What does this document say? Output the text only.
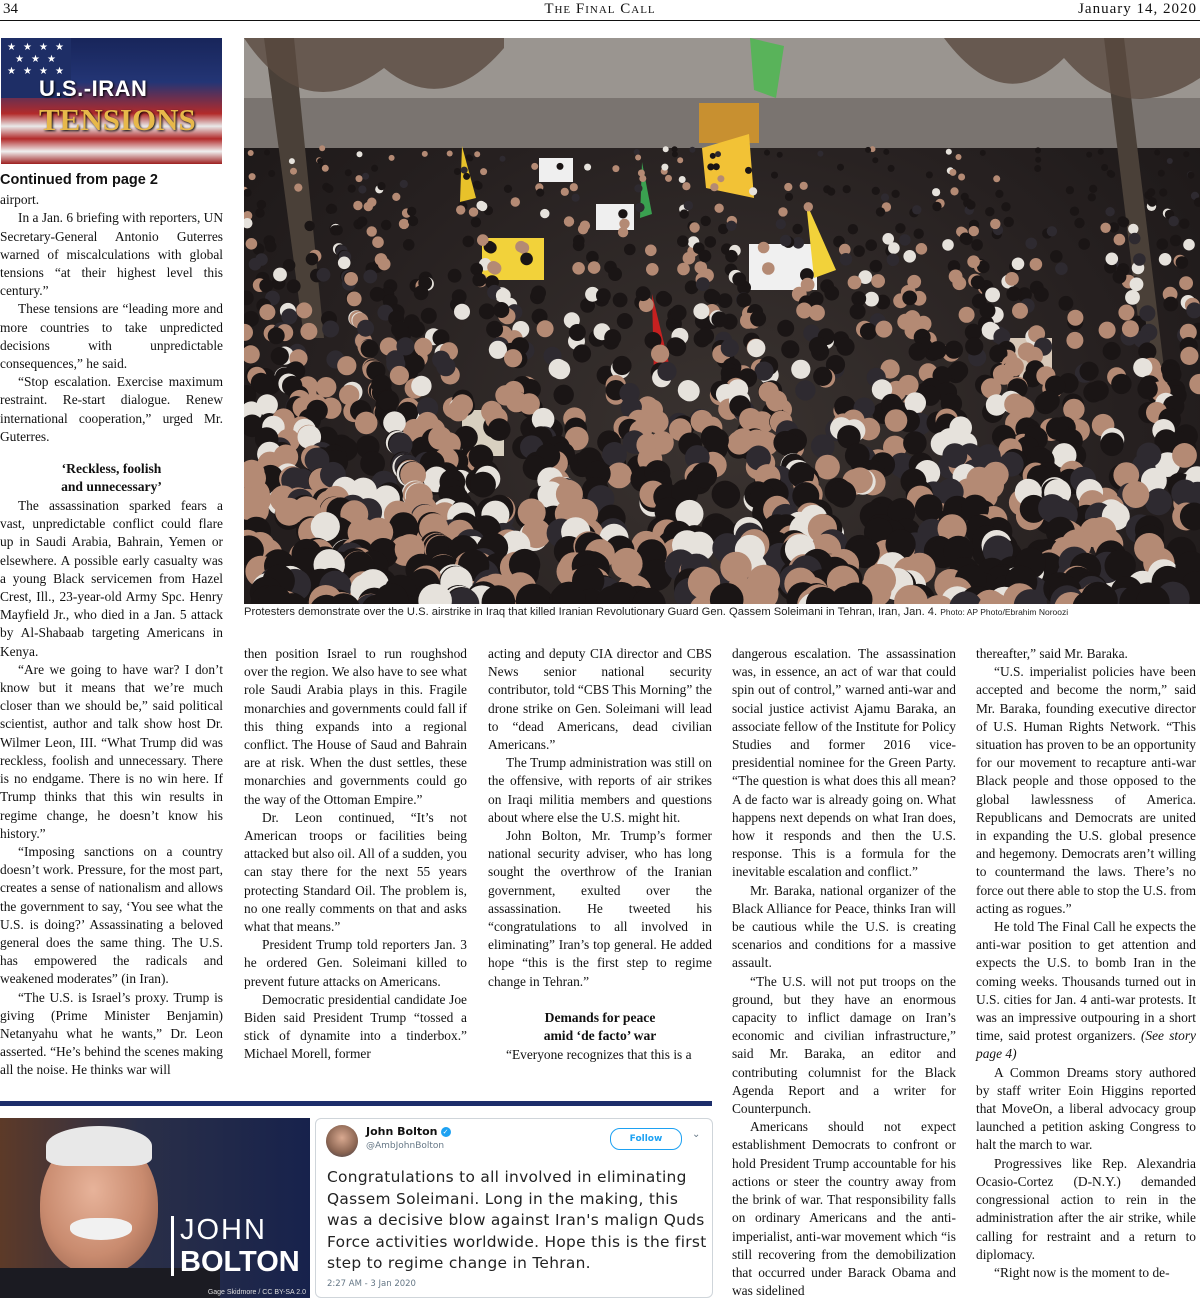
34	The Final Call	January 14, 2020
★ ★ ★ ★
★ ★ ★
★ ★ ★ ★
U.S.-IRAN
TENSIONS
Protesters demonstrate over the U.S. airstrike in Iraq that killed Iranian Revolutionary Guard Gen. Qassem Soleimani in Tehran, Iran, Jan. 4. Photo: AP Photo/Ebrahim Noroozi
Continued from page 2

airport.

In a Jan. 6 briefing with reporters, UN Secretary-General Antonio Guterres warned of miscalculations with global tensions “at their highest level this century.”

These tensions are “leading more and more countries to take unpredicted decisions with unpredictable consequences,” he said.

“Stop escalation. Exercise maximum restraint. Re-start dialogue. Renew international cooperation,” urged Mr. Guterres.

‘Reckless, foolish
and unnecessary’

The assassination sparked fears a vast, unpredictable conflict could flare up in Saudi Arabia, Bahrain, Yemen or elsewhere. A possible early casualty was a young Black servicemen from Hazel Crest, Ill., 23-year-old Army Spc. Henry Mayfield Jr., who died in a Jan. 5 attack by Al-Shabaab targeting Americans in Kenya.

“Are we going to have war? I don’t know but it means that we’re much closer than we should be,” said political scientist, author and talk show host Dr. Wilmer Leon, III. “What Trump did was reckless, foolish and unnecessary. There is no endgame. There is no win here. If Trump thinks that this win results in regime change, he doesn’t know his history.”

“Imposing sanctions on a country doesn’t work. Pressure, for the most part, creates a sense of nationalism and allows the government to say, ‘You see what the U.S. is doing?’ Assassinating a beloved general does the same thing. The U.S. has empowered the radicals and weakened moderates” (in Iran).

“The U.S. is Israel’s proxy. Trump is giving (Prime Minister Benjamin) Netanyahu what he wants,” Dr. Leon asserted. “He’s behind the scenes making all the noise. He thinks war will

then position Israel to run roughshod over the region. We also have to see what role Saudi Arabia plays in this. Fragile monarchies and governments could fall if this thing expands into a regional conflict. The House of Saud and Bahrain are at risk. When the dust settles, these monarchies and governments could go the way of the Ottoman Empire.”

Dr. Leon continued, “It’s not American troops or facilities being attacked but also oil. All of a sudden, you can stay there for the next 55 years protecting Standard Oil. The problem is, no one really comments on that and asks what that means.”

President Trump told reporters Jan. 3 he ordered Gen. Soleimani killed to prevent future attacks on Americans.

Democratic presidential candidate Joe Biden said President Trump “tossed a stick of dynamite into a tinderbox.” Michael Morell, former

acting and deputy CIA director and CBS News senior national security contributor, told “CBS This Morning” the drone strike on Gen. Soleimani will lead to “dead Americans, dead civilian Americans.”

The Trump administration was still on the offensive, with reports of air strikes on Iraqi militia members and questions about where else the U.S. might hit.

John Bolton, Mr. Trump’s former national security adviser, who has long sought the overthrow of the Iranian government, exulted over the assassination. He tweeted his “congratulations to all involved in eliminating” Iran’s top general. He added hope “this is the first step to regime change in Tehran.”

Demands for peace
amid ‘de facto’ war

“Everyone recognizes that this is a

dangerous escalation. The assassination was, in essence, an act of war that could spin out of control,” warned anti-war and social justice activist Ajamu Baraka, an associate fellow of the Institute for Policy Studies and former 2016 vice-presidential nominee for the Green Party. “The question is what does this all mean? A de facto war is already going on. What happens next depends on what Iran does, how it responds and then the U.S. response. This is a formula for the inevitable escalation and conflict.”

Mr. Baraka, national organizer of the Black Alliance for Peace, thinks Iran will be cautious while the U.S. is creating scenarios and conditions for a massive assault.

“The U.S. will not put troops on the ground, but they have an enormous capacity to inflict damage on Iran’s economic and civilian infrastructure,” said Mr. Baraka, an editor and contributing columnist for the Black Agenda Report and a writer for Counterpunch.

Americans should not expect establishment Democrats to confront or hold President Trump accountable for his actions or steer the country away from the brink of war. That responsibility falls on ordinary Americans and the anti-imperialist, anti-war movement which “is still recovering from the demobilization that occurred under Barack Obama and was sidelined

thereafter,” said Mr. Baraka.

“U.S. imperialist policies have been accepted and become the norm,” said Mr. Baraka, founding executive director of U.S. Human Rights Network. “This situation has proven to be an opportunity for our movement to recapture anti-war Black people and those opposed to the global lawlessness of America. Republicans and Democrats are united in expanding the U.S. global presence and hegemony. Democrats aren’t willing to countermand the laws. There’s no force out there able to stop the U.S. from acting as rogues.”

He told The Final Call he expects the anti-war position to get attention and expects the U.S. to bomb Iran in the coming weeks. Thousands turned out in U.S. cities for Jan. 4 anti-war protests. It was an impressive outpouring in a short time, said protest organizers. (See story page 4)

A Common Dreams story authored by staff writer Eoin Higgins reported that MoveOn, a liberal advocacy group launched a petition asking Congress to halt the march to war.

Progressives like Rep. Alexandria Ocasio-Cortez (D-N.Y.) demanded congressional action to rein in the administration after the air strike, while calling for restraint and a return to diplomacy.

“Right now is the moment to de-

JOHN
BOLTON
Gage Skidmore / CC BY-SA 2.0
John Bolton ✓
@AmbJohnBolton
Follow	⌄
Congratulations to all involved in eliminating Qassem Soleimani. Long in the making, this was a decisive blow against Iran's malign Quds Force activities worldwide. Hope this is the first step to regime change in Tehran.
2:27 AM - 3 Jan 2020
